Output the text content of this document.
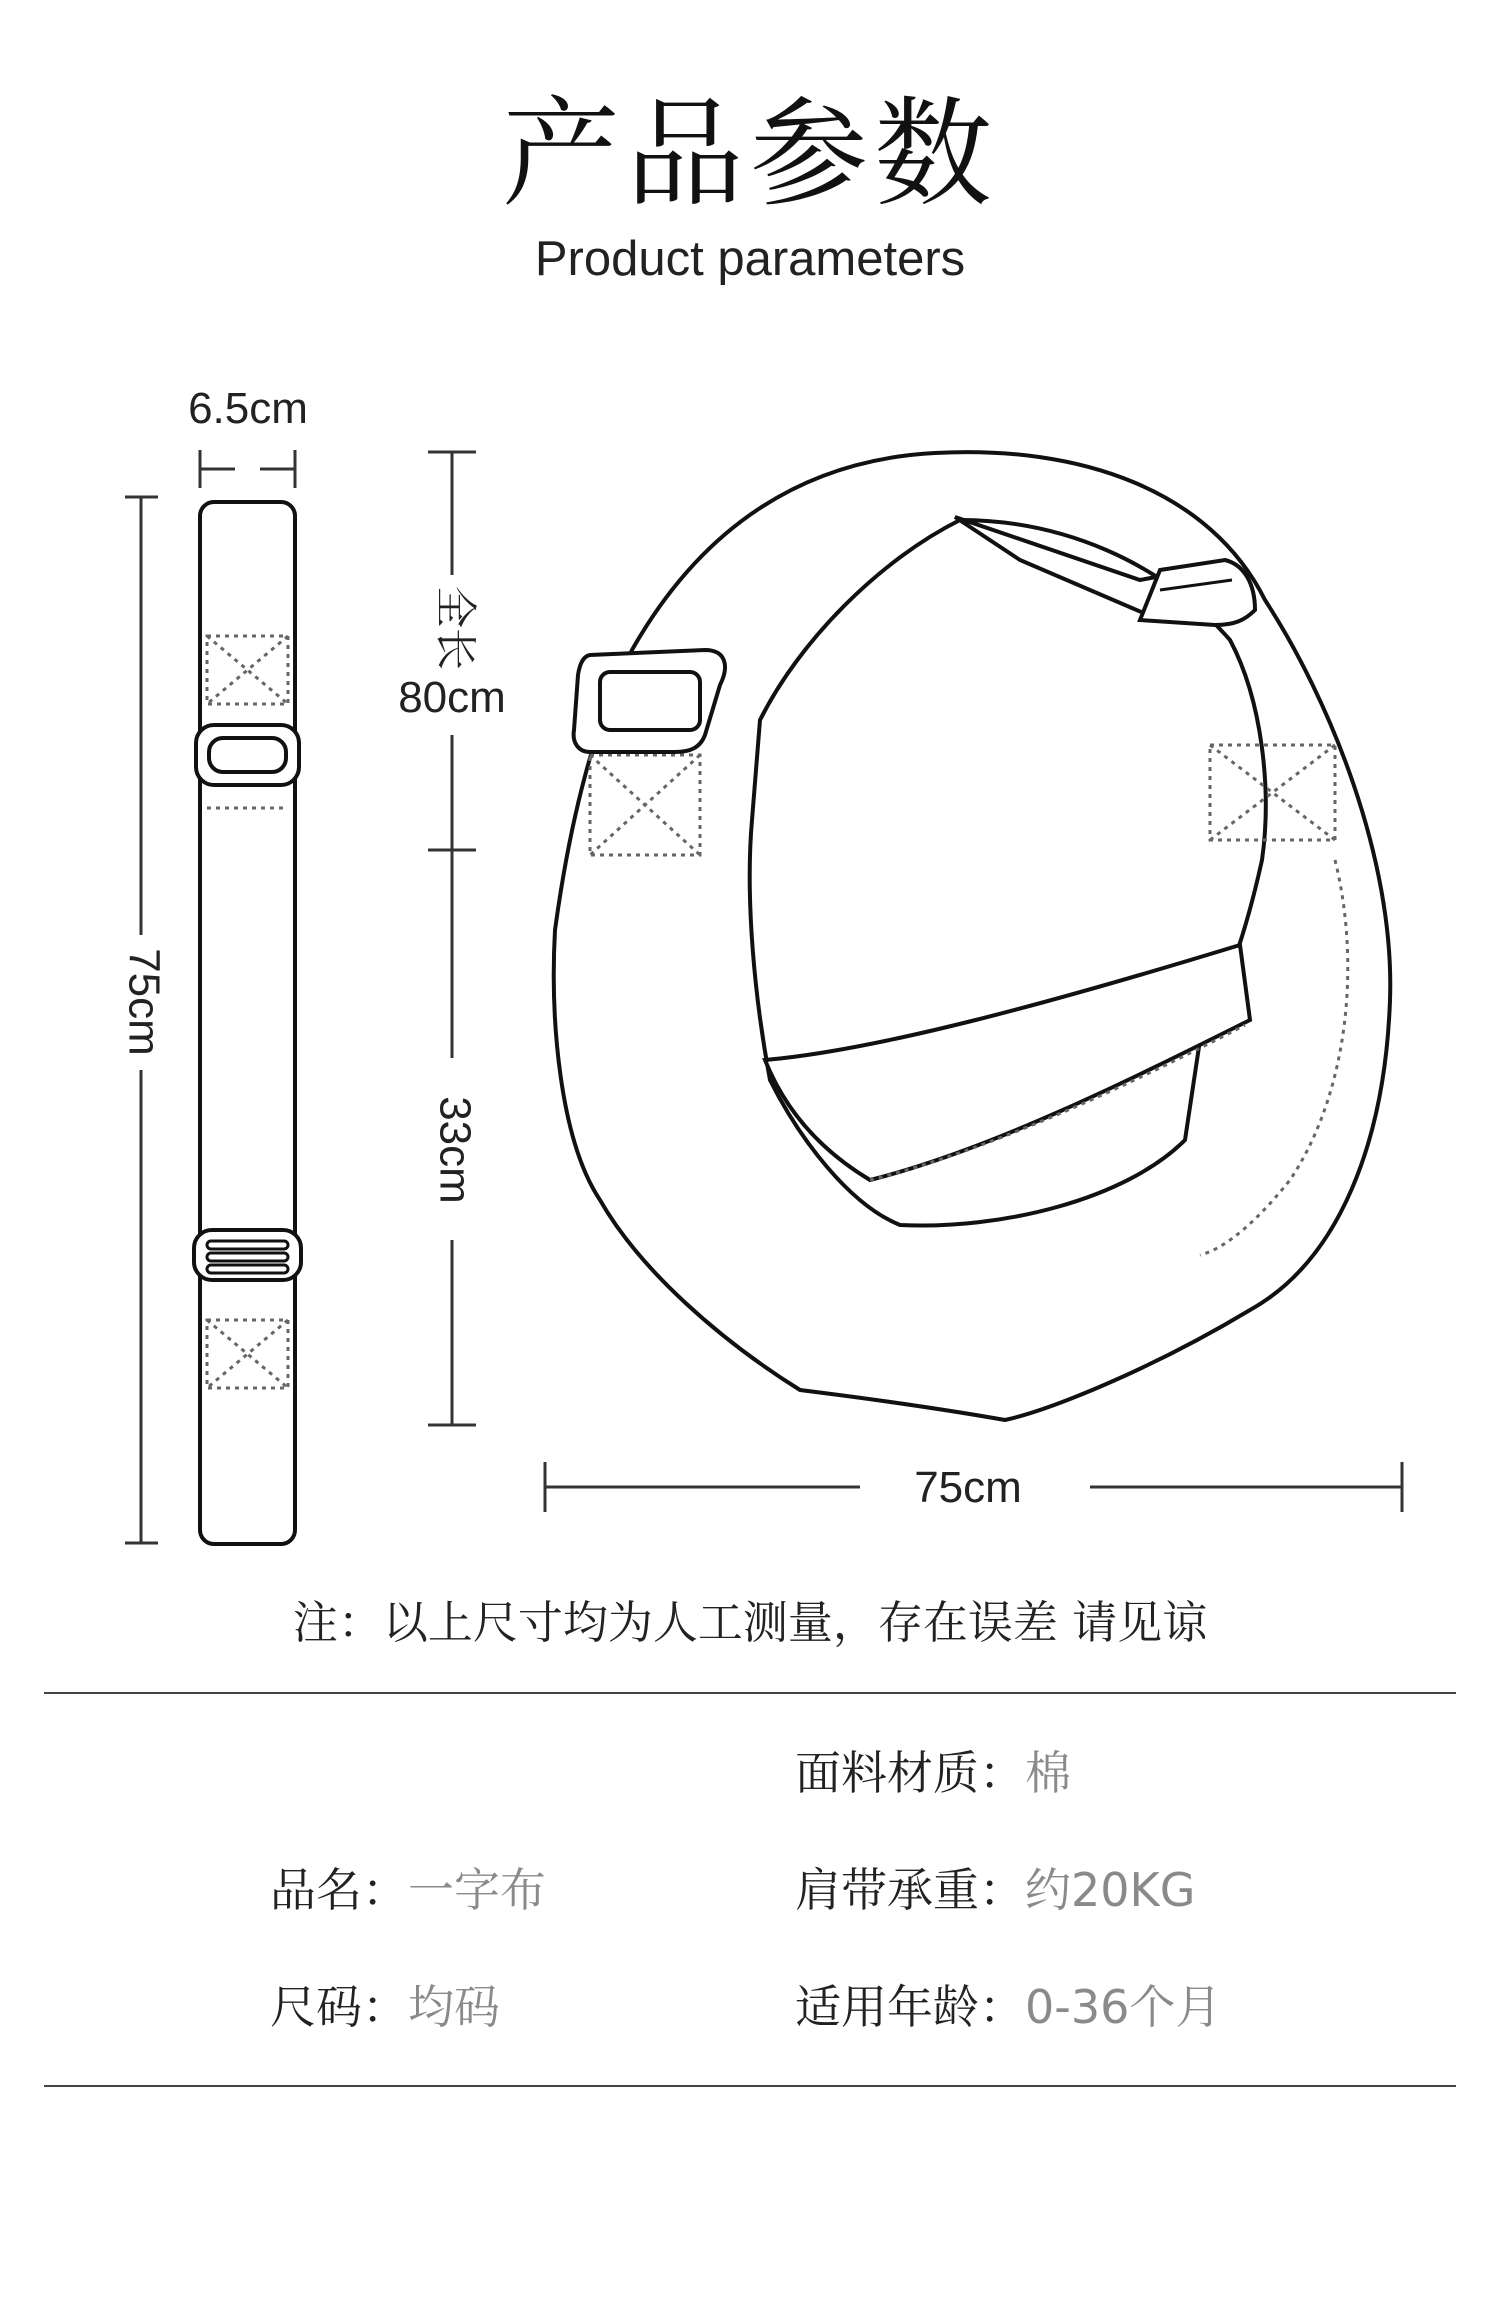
产品参数
Product parameters
6.5cm
75cm
全长
80cm
33cm
75cm
注：以上尺寸均为人工测量，存在误差 请见谅
面料材质：棉
品名：一字布	肩带承重：约20KG
尺码：均码	适用年龄：0-36个月
